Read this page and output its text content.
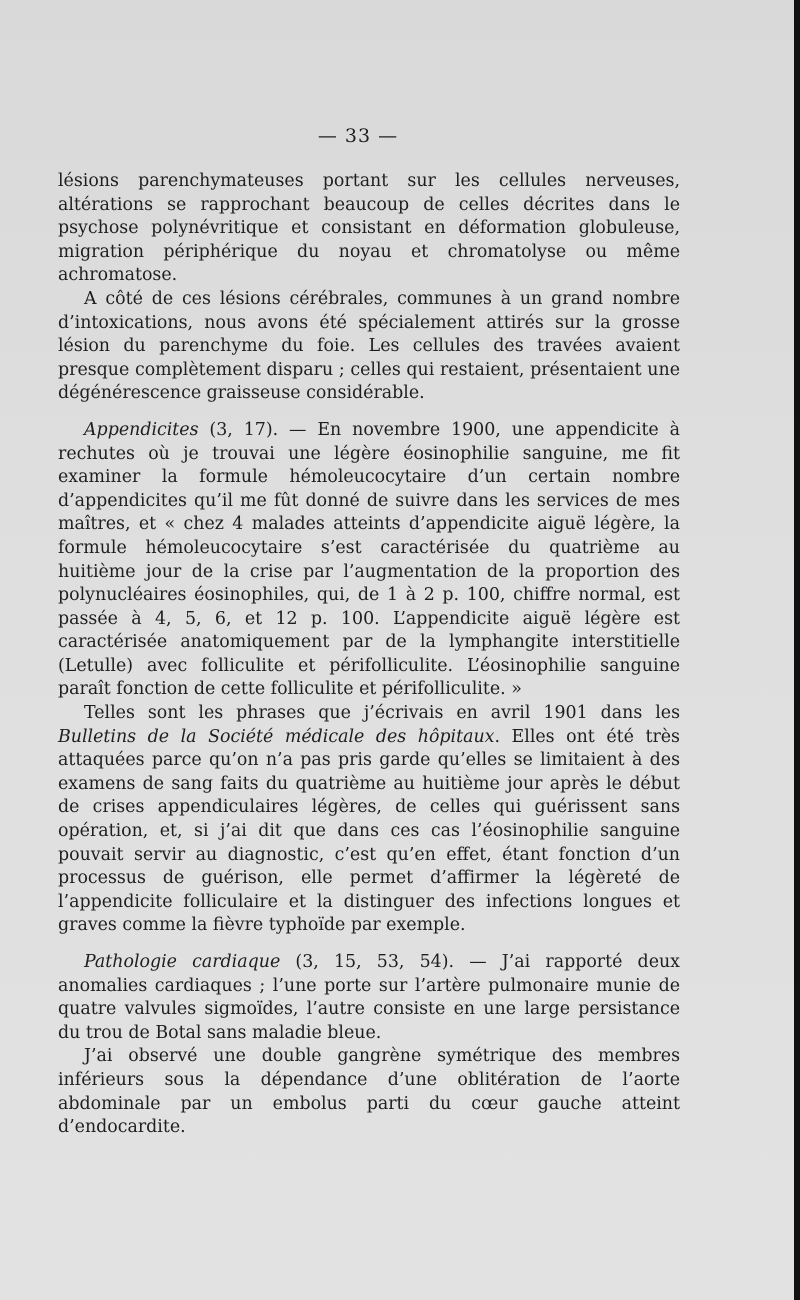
— 33 —

lésions parenchymateuses portant sur les cellules nerveuses, altérations se rapprochant beaucoup de celles décrites dans le psychose polynévritique et consistant en déformation globuleuse, migration périphérique du noyau et chromatolyse ou même achromatose.

A côté de ces lésions cérébrales, communes à un grand nombre d’intoxications, nous avons été spécialement attirés sur la grosse lésion du parenchyme du foie. Les cellules des travées avaient presque complètement disparu ; celles qui restaient, présentaient une dégénérescence graisseuse considérable.

Appendicites (3, 17). — En novembre 1900, une appendicite à rechutes où je trouvai une légère éosinophilie sanguine, me fit examiner la formule hémoleucocytaire d’un certain nombre d’appendicites qu’il me fût donné de suivre dans les services de mes maîtres, et « chez 4 malades atteints d’appendicite aiguë légère, la formule hémoleucocytaire s’est caractérisée du quatrième au huitième jour de la crise par l’augmentation de la proportion des polynucléaires éosinophiles, qui, de 1 à 2 p. 100, chiffre normal, est passée à 4, 5, 6, et 12 p. 100. L’appendicite aiguë légère est caractérisée anatomiquement par de la lymphangite interstitielle (Letulle) avec folliculite et périfolliculite. L’éosinophilie sanguine paraît fonction de cette folliculite et périfolliculite. »

Telles sont les phrases que j’écrivais en avril 1901 dans les Bulletins de la Société médicale des hôpitaux. Elles ont été très attaquées parce qu’on n’a pas pris garde qu’elles se limitaient à des examens de sang faits du quatrième au huitième jour après le début de crises appendiculaires légères, de celles qui guérissent sans opération, et, si j’ai dit que dans ces cas l’éosinophilie sanguine pouvait servir au diagnostic, c’est qu’en effet, étant fonction d’un processus de guérison, elle permet d’affirmer la légèreté de l’appendicite folliculaire et la distinguer des infections longues et graves comme la fièvre typhoïde par exemple.

Pathologie cardiaque (3, 15, 53, 54). — J’ai rapporté deux anomalies cardiaques ; l’une porte sur l’artère pulmonaire munie de quatre valvules sigmoïdes, l’autre consiste en une large persistance du trou de Botal sans maladie bleue.

J’ai observé une double gangrène symétrique des membres inférieurs sous la dépendance d’une oblitération de l’aorte abdominale par un embolus parti du cœur gauche atteint d’endocardite.
